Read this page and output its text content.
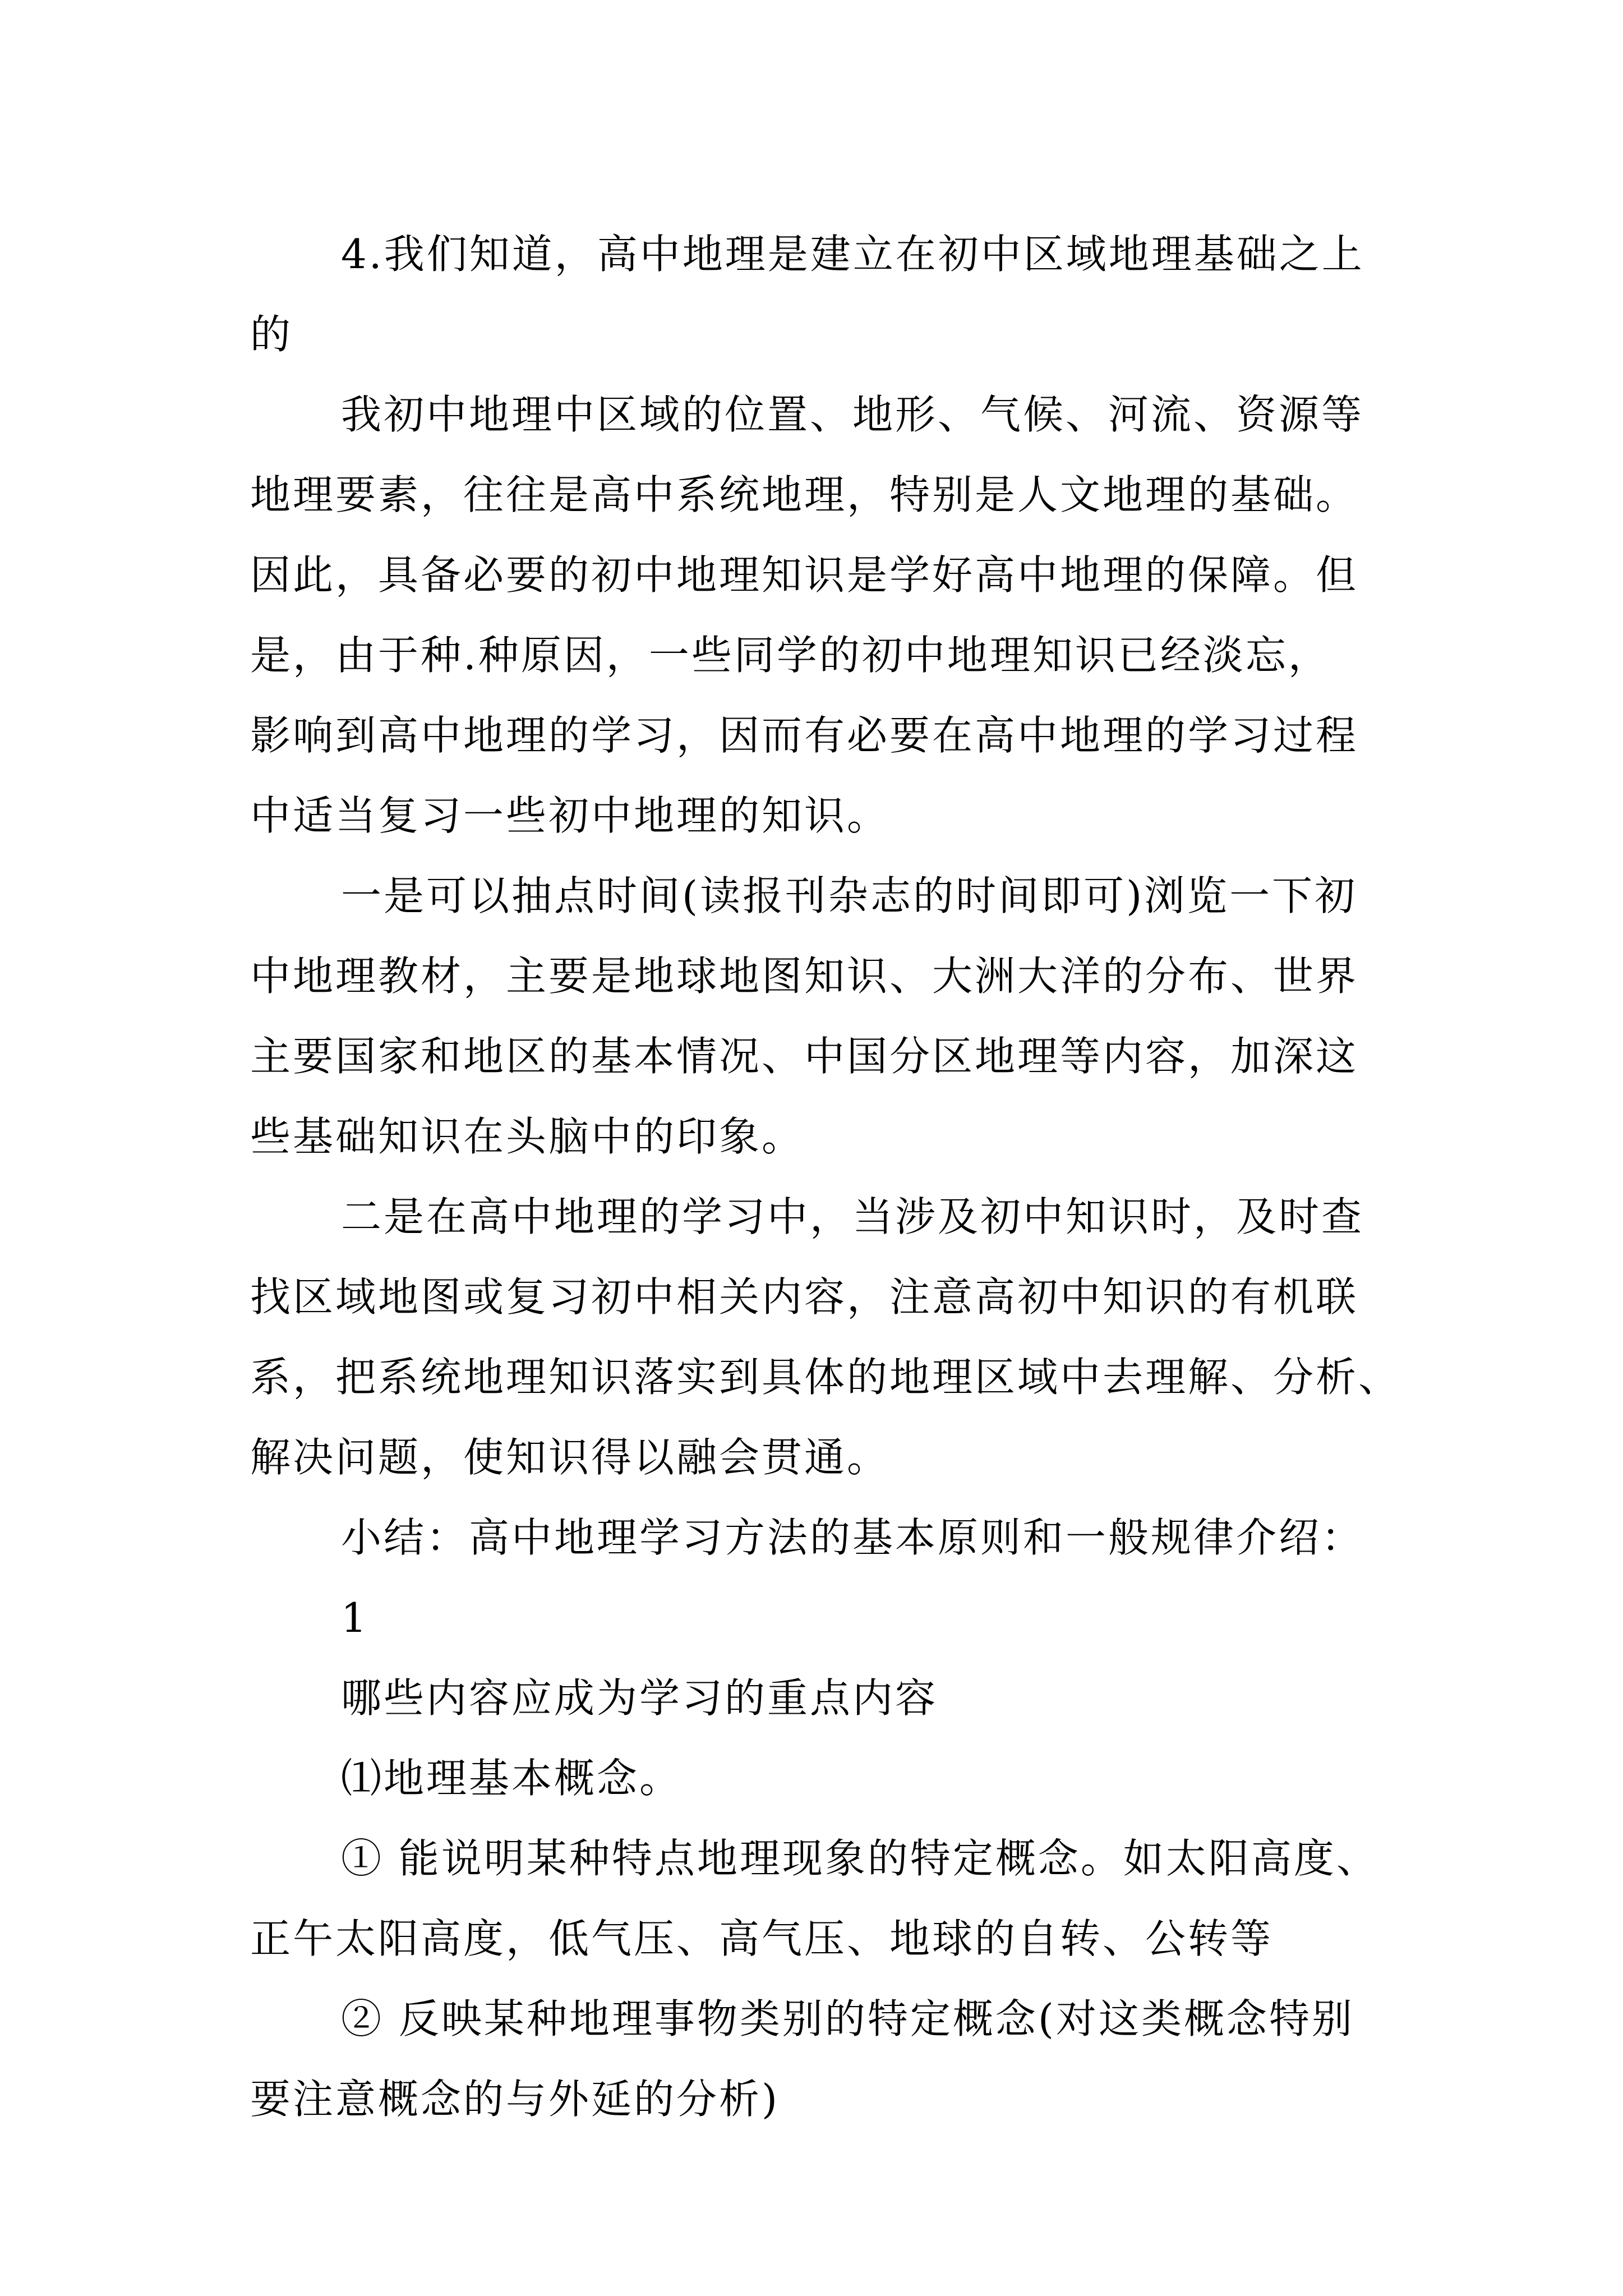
4.我们知道，高中地理是建立在初中区域地理基础之上
的
我初中地理中区域的位置、地形、气候、河流、资源等
地理要素，往往是高中系统地理，特别是人文地理的基础。
因此，具备必要的初中地理知识是学好高中地理的保障。但
是，由于种.种原因，一些同学的初中地理知识已经淡忘，
影响到高中地理的学习，因而有必要在高中地理的学习过程
中适当复习一些初中地理的知识。
一是可以抽点时间(读报刊杂志的时间即可)浏览一下初
中地理教材，主要是地球地图知识、大洲大洋的分布、世界
主要国家和地区的基本情况、中国分区地理等内容，加深这
些基础知识在头脑中的印象。
二是在高中地理的学习中，当涉及初中知识时，及时查
找区域地图或复习初中相关内容，注意高初中知识的有机联
系，把系统地理知识落实到具体的地理区域中去理解、分析、
解决问题，使知识得以融会贯通。
小结：高中地理学习方法的基本原则和一般规律介绍：
1
哪些内容应成为学习的重点内容
⑴地理基本概念。
① 能说明某种特点地理现象的特定概念。如太阳高度、
正午太阳高度，低气压、高气压、地球的自转、公转等
② 反映某种地理事物类别的特定概念(对这类概念特别
要注意概念的与外延的分析)
